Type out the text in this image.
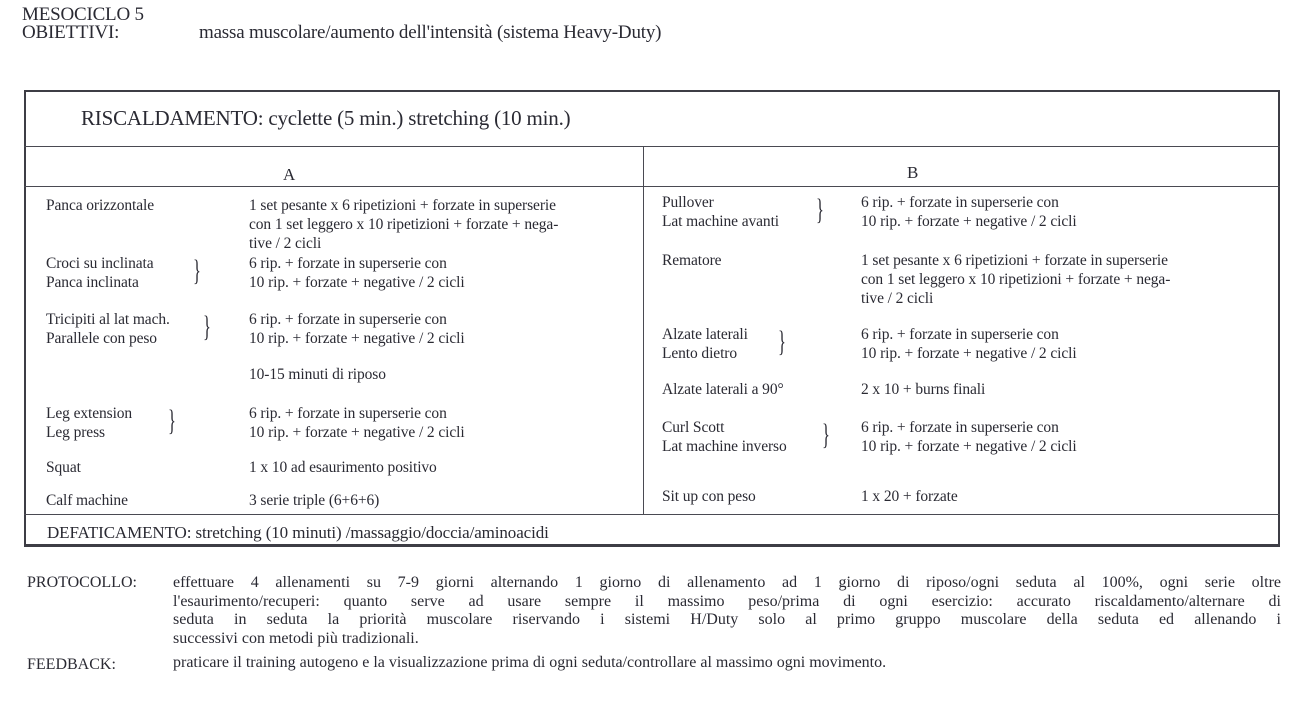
MESOCICLO 5
OBIETTIVI:	massa muscolare/aumento dell'intensità (sistema Heavy-Duty)
RISCALDAMENTO: cyclette (5 min.) stretching (10 min.)
A	B
Panca orizzontale	1 set pesante x 6 ripetizioni + forzate in superserie
con 1 set leggero x 10 ripetizioni + forzate + nega-
tive / 2 cicli
Croci su inclinata
Panca inclinata }	6 rip. + forzate in superserie con
10 rip. + forzate + negative / 2 cicli
Tricipiti al lat mach.
Parallele con peso } 6 rip. + forzate in superserie con
10 rip. + forzate + negative / 2 cicli
10-15 minuti di riposo
Leg extension
Leg press }	6 rip. + forzate in superserie con
10 rip. + forzate + negative / 2 cicli
Squat	1 x 10 ad esaurimento positivo
Calf machine	3 serie triple (6+6+6)
Pullover
Lat machine avanti } 6 rip. + forzate in superserie con
10 rip. + forzate + negative / 2 cicli
Rematore	1 set pesante x 6 ripetizioni + forzate in superserie
con 1 set leggero x 10 ripetizioni + forzate + nega-
tive / 2 cicli
Alzate laterali
Lento dietro }	6 rip. + forzate in superserie con
10 rip. + forzate + negative / 2 cicli
Alzate laterali a 90°	2 x 10 + burns finali
Curl Scott
Lat machine inverso } 6 rip. + forzate in superserie con
10 rip. + forzate + negative / 2 cicli
Sit up con peso	1 x 20 + forzate
DEFATICAMENTO: stretching (10 minuti) /massaggio/doccia/aminoacidi
PROTOCOLLO: effettuare 4 allenamenti su 7-9 giorni alternando 1 giorno di allenamento ad 1 giorno di riposo/ogni seduta al 100%, ogni serie oltre
l'esaurimento/recuperi: quanto serve ad usare sempre il massimo peso/prima di ogni esercizio: accurato riscaldamento/alternare di
seduta in seduta la priorità muscolare riservando i sistemi H/Duty solo al primo gruppo muscolare della seduta ed allenando i
successivi con metodi più tradizionali.
FEEDBACK:	praticare il training autogeno e la visualizzazione prima di ogni seduta/controllare al massimo ogni movimento.
